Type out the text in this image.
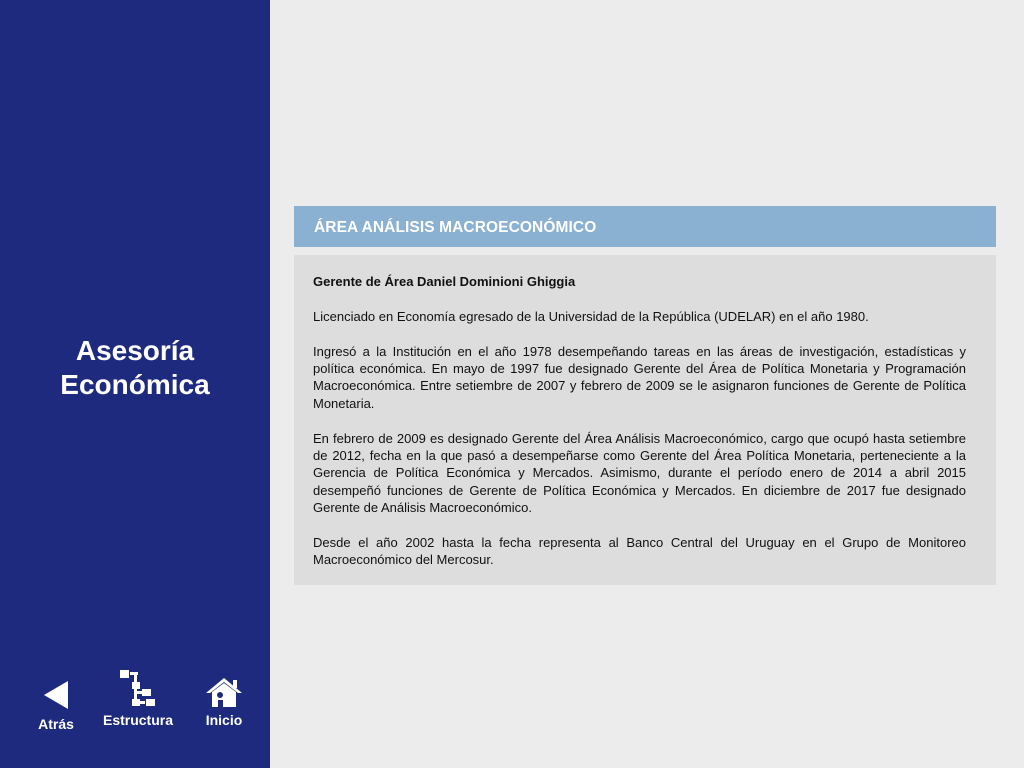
Asesoría
Económica
Atrás	Estructura	Inicio
ÁREA ANÁLISIS MACROECONÓMICO

Gerente de Área Daniel Dominioni Ghiggia

Licenciado en Economía egresado de la Universidad de la República (UDELAR) en el año 1980.

Ingresó a la Institución en el año 1978 desempeñando tareas en las áreas de investigación, estadísticas y política económica. En mayo de 1997 fue designado Gerente del Área de Política Monetaria y Programación Macroeconómica. Entre setiembre de 2007 y febrero de 2009 se le asignaron funciones de Gerente de Política Monetaria.

En febrero de 2009 es designado Gerente del Área Análisis Macroeconómico, cargo que ocupó hasta setiembre de 2012, fecha en la que pasó a desempeñarse como Gerente del Área Política Monetaria, perteneciente a la Gerencia de Política Económica y Mercados. Asimismo, durante el período enero de 2014 a abril 2015 desempeñó funciones de Gerente de Política Económica y Mercados. En diciembre de 2017 fue designado Gerente de Análisis Macroeconómico.

Desde el año 2002 hasta la fecha representa al Banco Central del Uruguay en el Grupo de Monitoreo Macroeconómico del Mercosur.
